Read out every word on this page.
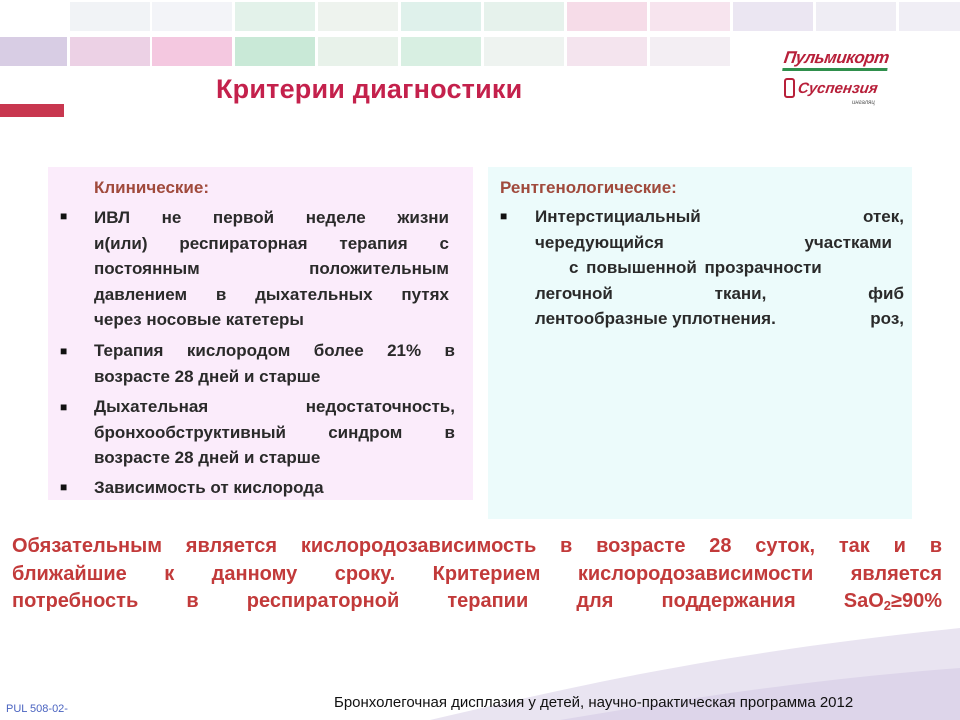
Критерии диагностики
Пульмикорт
Суспензия
ингаляц
Клинические:
■ ИВЛ не первой неделе жизни
и(или) респираторная терапия с
постоянным положительным
давлением в дыхательных путях
через носовые катетеры
■ Терапия кислородом более 21% в
возрасте 28 дней и старше
■ Дыхательная недостаточность,
бронхообструктивный синдром в
возрасте 28 дней и старше
■ Зависимость от кислорода
Рентгенологические:
■ Интерстициальный	отек,
чередующийся	участками
с повышенной прозрачности
легочной	ткани,	фиб
лентообразные уплотнения.	роз,
Обязательным является кислородозависимость в возрасте 28 суток, так и в
ближайшие к данному сроку. Критерием кислородозависимости является
потребность в респираторной терапии для поддержания SaO$_2$≥90%
PUL 508-02-	Бронхолегочная дисплазия у детей, научно-практическая программа 2012
